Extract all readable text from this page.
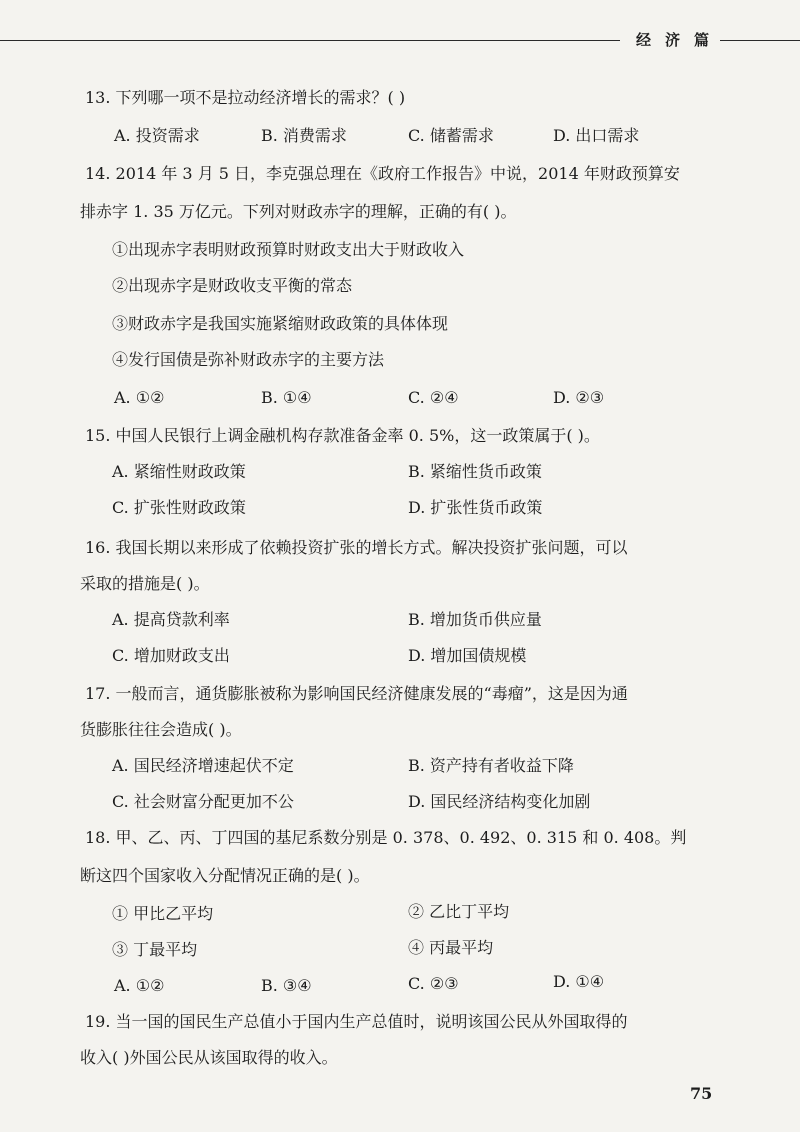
经济篇
13. 下列哪一项不是拉动经济增长的需求？( )
A. 投资需求	B. 消费需求	C. 储蓄需求	D. 出口需求
14. 2014 年 3 月 5 日，李克强总理在《政府工作报告》中说，2014 年财政预算安
排赤字 1. 35 万亿元。下列对财政赤字的理解，正确的有( )。
①出现赤字表明财政预算时财政支出大于财政收入
②出现赤字是财政收支平衡的常态
③财政赤字是我国实施紧缩财政政策的具体体现
④发行国债是弥补财政赤字的主要方法
A. ①②	B. ①④	C. ②④	D. ②③
15. 中国人民银行上调金融机构存款准备金率 0. 5%，这一政策属于( )。
A. 紧缩性财政政策	B. 紧缩性货币政策
C. 扩张性财政政策	D. 扩张性货币政策
16. 我国长期以来形成了依赖投资扩张的增长方式。解决投资扩张问题，可以
采取的措施是( )。
A. 提高贷款利率	B. 增加货币供应量
C. 增加财政支出	D. 增加国债规模
17. 一般而言，通货膨胀被称为影响国民经济健康发展的“毒瘤”，这是因为通
货膨胀往往会造成( )。
A. 国民经济增速起伏不定	B. 资产持有者收益下降
C. 社会财富分配更加不公	D. 国民经济结构变化加剧
18. 甲、乙、丙、丁四国的基尼系数分别是 0. 378、0. 492、0. 315 和 0. 408。判
断这四个国家收入分配情况正确的是( )。
① 甲比乙平均	② 乙比丁平均
③ 丁最平均	④ 丙最平均
A. ①②	B. ③④	C. ②③	D. ①④
19. 当一国的国民生产总值小于国内生产总值时，说明该国公民从外国取得的
收入( )外国公民从该国取得的收入。
75
